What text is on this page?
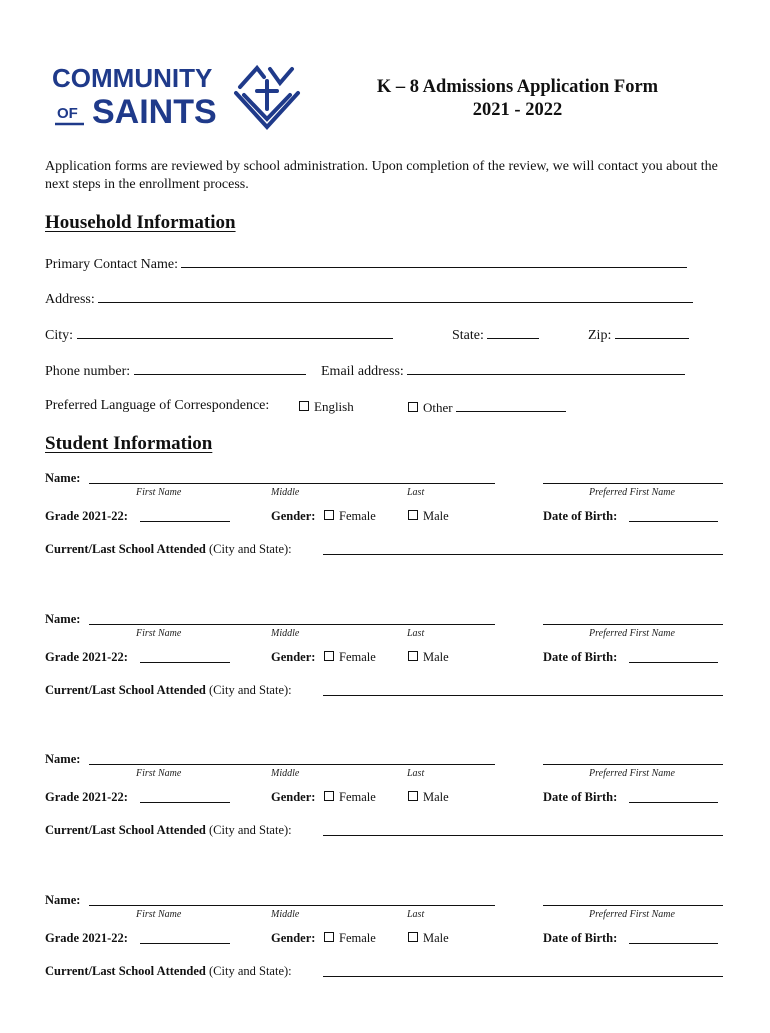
COMMUNITY
OF SAINTS
K – 8 Admissions Application Form
2021 - 2022
Application forms are reviewed by school administration. Upon completion of the review, we will contact you about the next steps in the enrollment process.
Household Information
Primary Contact Name:
Address:
City:	State:	Zip:
Phone number:	Email address:
Preferred Language of Correspondence:	English	Other
Student Information
Name:
First Name	Middle	Last	Preferred First Name
Grade 2021-22:	Gender:	Female	Male	Date of Birth:
Current/Last School Attended (City and State):
Name:
First Name	Middle	Last	Preferred First Name
Grade 2021-22:	Gender:	Female	Male	Date of Birth:
Current/Last School Attended (City and State):
Name:
First Name	Middle	Last	Preferred First Name
Grade 2021-22:	Gender:	Female	Male	Date of Birth:
Current/Last School Attended (City and State):
Name:
First Name	Middle	Last	Preferred First Name
Grade 2021-22:	Gender:	Female	Male	Date of Birth:
Current/Last School Attended (City and State):
